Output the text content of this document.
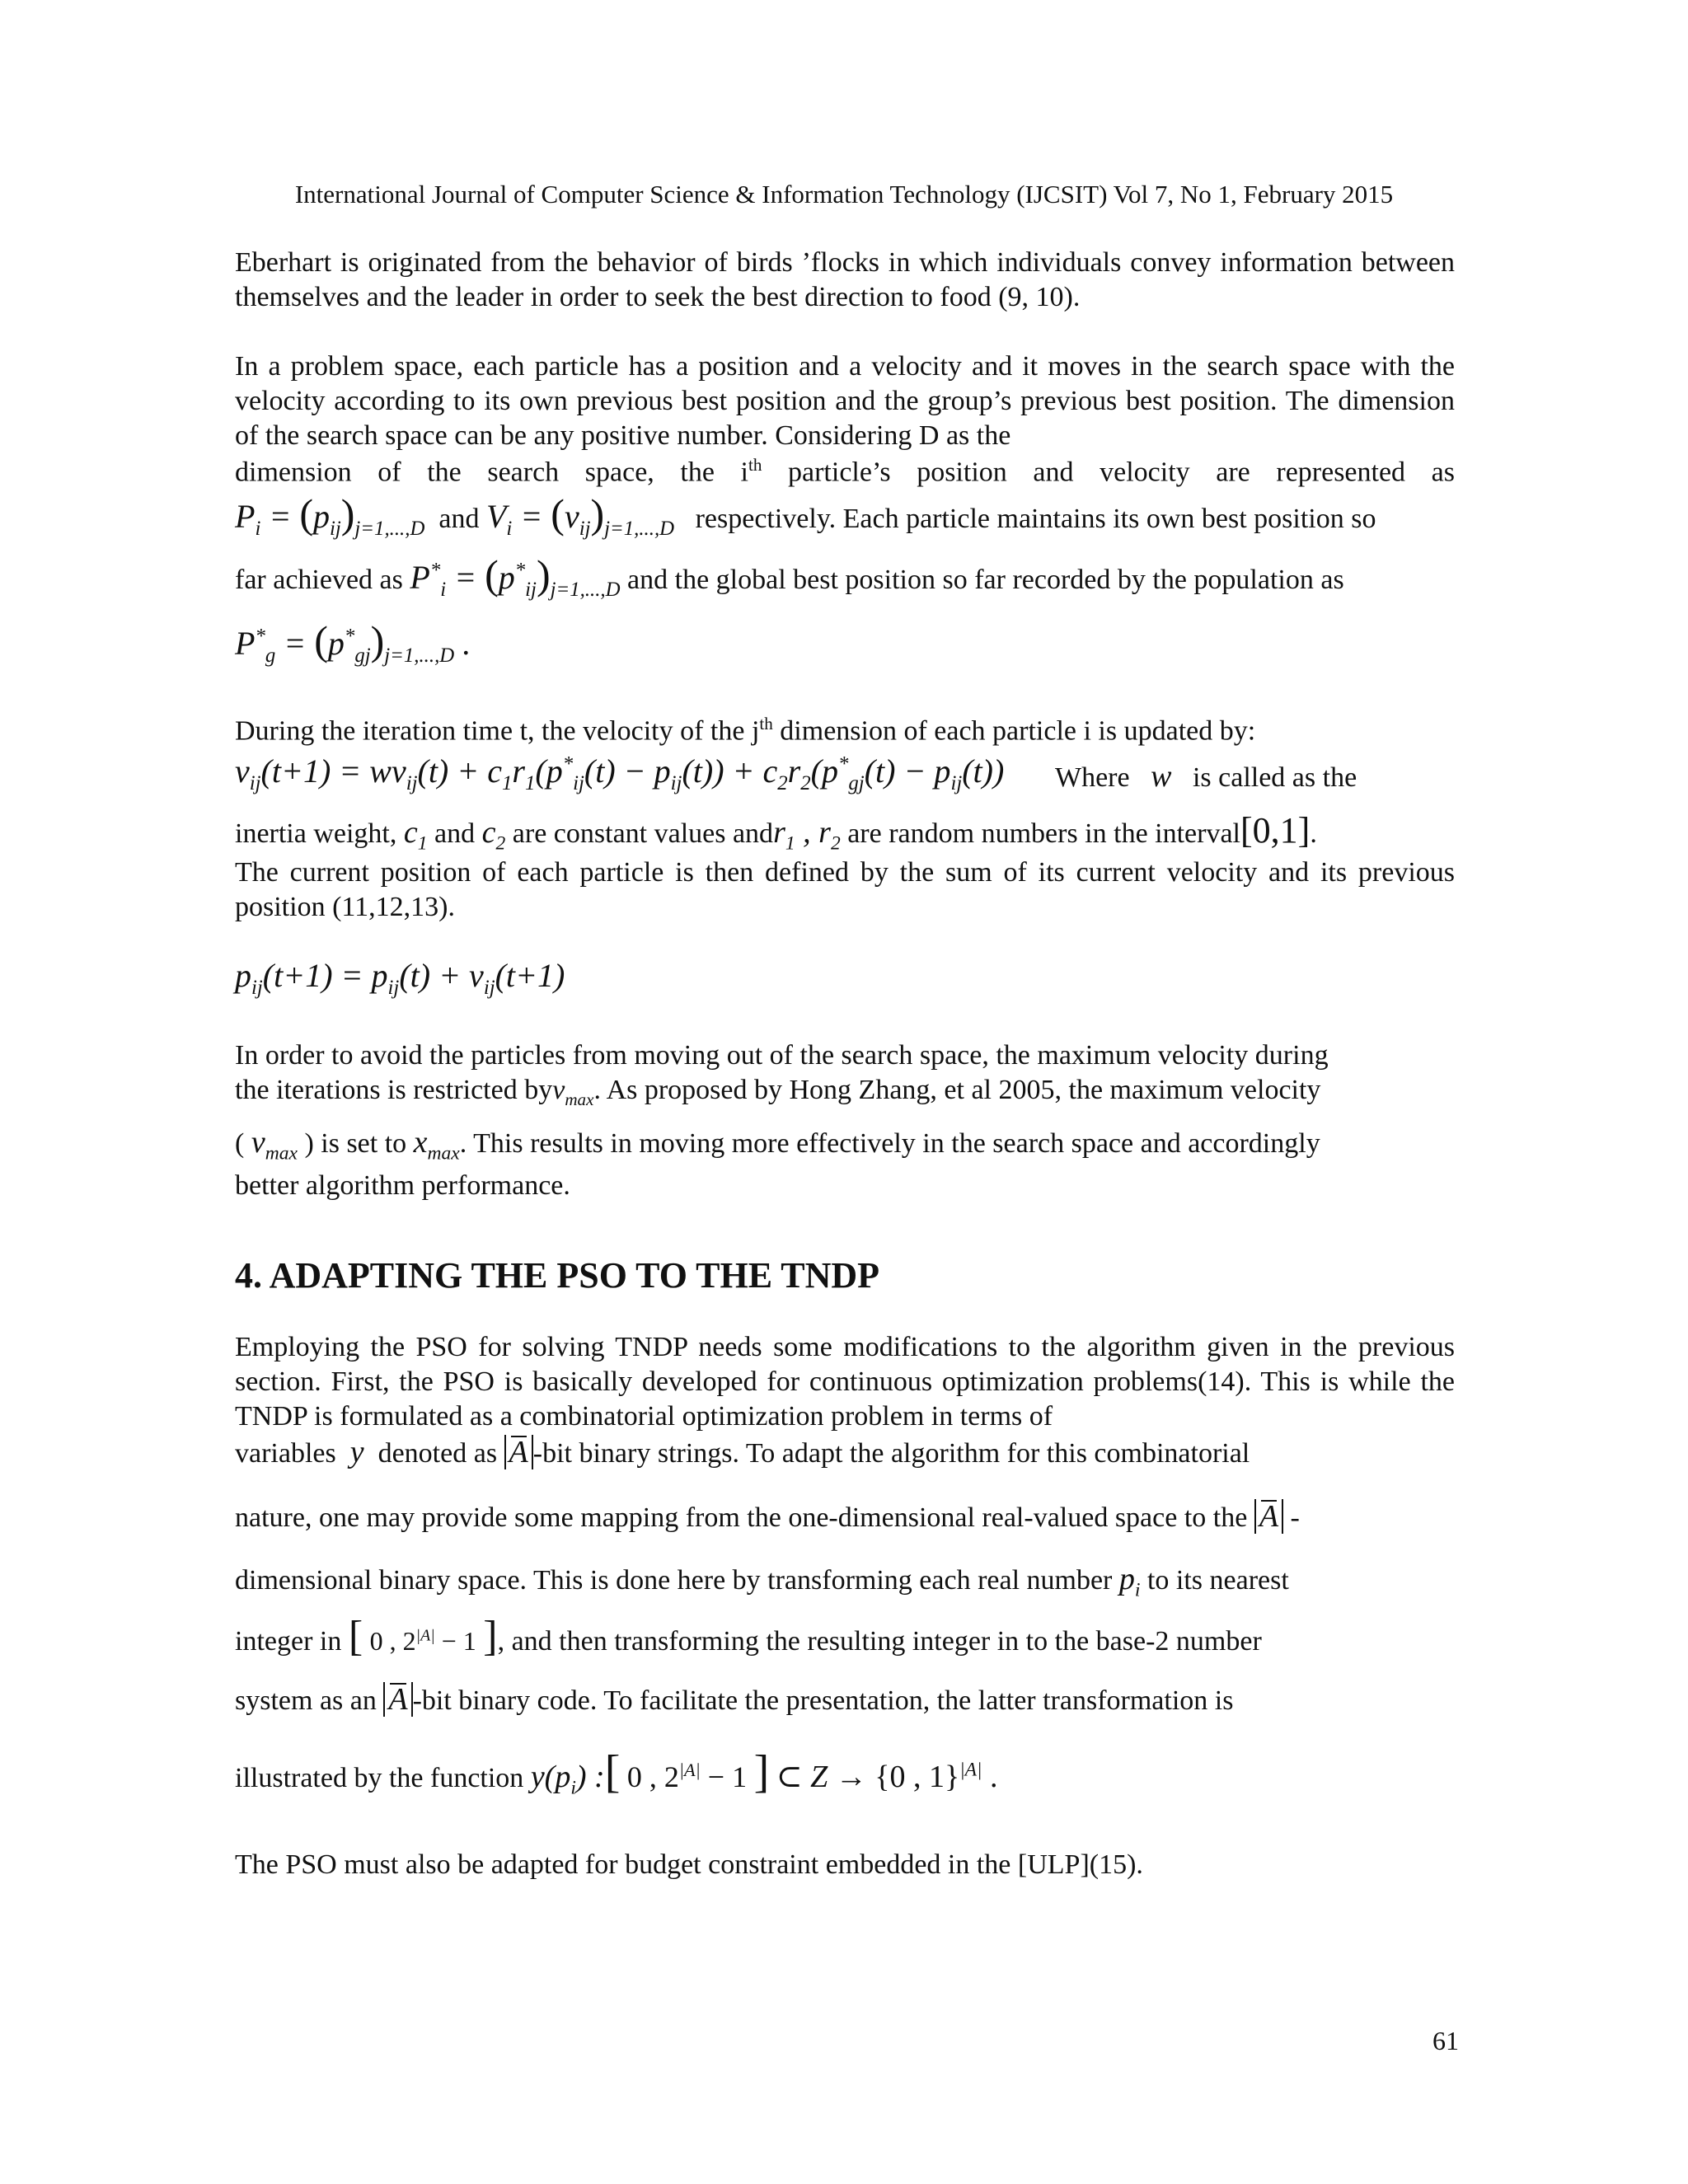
International Journal of Computer Science & Information Technology (IJCSIT) Vol 7, No 1, February 2015
Eberhart is originated from the behavior of birds ’flocks in which individuals convey information between themselves and the leader in order to seek the best direction to food (9, 10).
In a problem space, each particle has a position and a velocity and it moves in the search space with the velocity according to its own previous best position and the group’s previous best position. The dimension of the search space can be any positive number. Considering D as the
dimension of the search space, the $i^{th}$ particle’s position and velocity are represented as
$P_i = (p_{ij})_{j=1,...,D}$ and $V_i = (v_{ij})_{j=1,...,D}$ respectively. Each particle maintains its own best position so
far achieved as $P^*_i = (p^*_{ij})_{j=1,...,D}$ and the global best position so far recorded by the population as
$P^*_g = (p^*_{gj})_{j=1,...,D}$ .
During the iteration time t, the velocity of the $j^{th}$ dimension of each particle i is updated by:
$v_{ij}(t+1) = wv_{ij}(t) + c_1r_1(p^*_{ij}(t) - p_{ij}(t)) + c_2r_2(p^*_{gj}(t) - p_{ij}(t))$	Where w is called as the
inertia weight, $c_1$ and $c_2$ are constant values andr$_1$ , $r_2$ are random numbers in the interval[0,1].
The current position of each particle is then defined by the sum of its current velocity and its previous position (11,12,13).
$p_{ij}(t+1) = p_{ij}(t) + v_{ij}(t+1)$
In order to avoid the particles from moving out of the search space, the maximum velocity during
the iterations is restricted byv$_{max}$. As proposed by Hong Zhang, et al 2005, the maximum velocity
( $v_{max}$ ) is set to $x_{max}$. This results in moving more effectively in the search space and accordingly
better algorithm performance.
4. ADAPTING THE PSO TO THE TNDP
Employing the PSO for solving TNDP needs some modifications to the algorithm given in the previous section. First, the PSO is basically developed for continuous optimization problems(14). This is while the TNDP is formulated as a combinatorial optimization problem in terms of
variables y denoted as A -bit binary strings. To adapt the algorithm for this combinatorial
nature, one may provide some mapping from the one-dimensional real-valued space to the A -
dimensional binary space. This is done here by transforming each real number $p_i$ to its nearest
integer in [ 0 , $2^{|A|} - 1$ ], and then transforming the resulting integer in to the base-2 number
system as an A -bit binary code. To facilitate the presentation, the latter transformation is
illustrated by the function $y(p_i)$ :[ 0 , $2^{|A|} - 1$ ] ⊂ Z → {0 , 1}$^{|A|}$ .
The PSO must also be adapted for budget constraint embedded in the [ULP](15).
61
